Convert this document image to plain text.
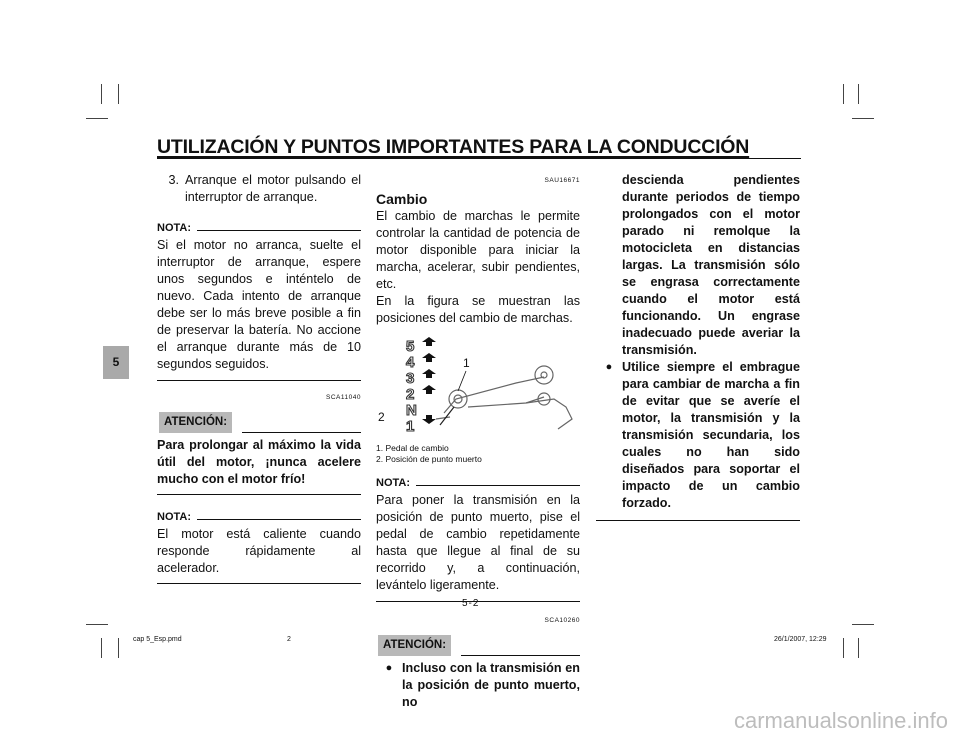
UTILIZACIÓN Y PUNTOS IMPORTANTES PARA LA CONDUCCIÓN
5
3. Arranque el motor pulsando el interruptor de arranque.
NOTA:

Si el motor no arranca, suelte el interruptor de arranque, espere unos segundos e inténtelo de nuevo. Cada intento de arranque debe ser lo más breve posible a fin de preservar la batería. No accione el arranque durante más de 10 segundos seguidos.

SCA11040
ATENCIÓN:

Para prolongar al máximo la vida útil del motor, ¡nunca acelere mucho con el motor frío!

NOTA:

El motor está caliente cuando responde rápidamente al acelerador.

SAU16671
Cambio

El cambio de marchas le permite controlar la cantidad de potencia de motor disponible para iniciar la marcha, acelerar, subir pendientes, etc.
En la figura se muestran las posiciones del cambio de marchas.

5
4
3
2
N
1
1
2
1. Pedal de cambio
2. Posición de punto muerto
NOTA:

Para poner la transmisión en la posición de punto muerto, pise el pedal de cambio repetidamente hasta que llegue al final de su recorrido y, a continuación, levántelo ligeramente.

SCA10260
ATENCIÓN:
● Incluso con la transmisión en la posición de punto muerto, no
descienda pendientes durante periodos de tiempo prolongados con el motor parado ni remolque la motocicleta en distancias largas. La transmisión sólo se engrasa correctamente cuando el motor está funcionando. Un engrase inadecuado puede averiar la transmisión.
● Utilice siempre el embrague para cambiar de marcha a fin de evitar que se averíe el motor, la transmisión y la transmisión secundaria, los cuales no han sido diseñados para soportar el impacto de un cambio forzado.
5-2
cap 5_Esp.pmd	2	26/1/2007, 12:29
carmanualsonline.info
